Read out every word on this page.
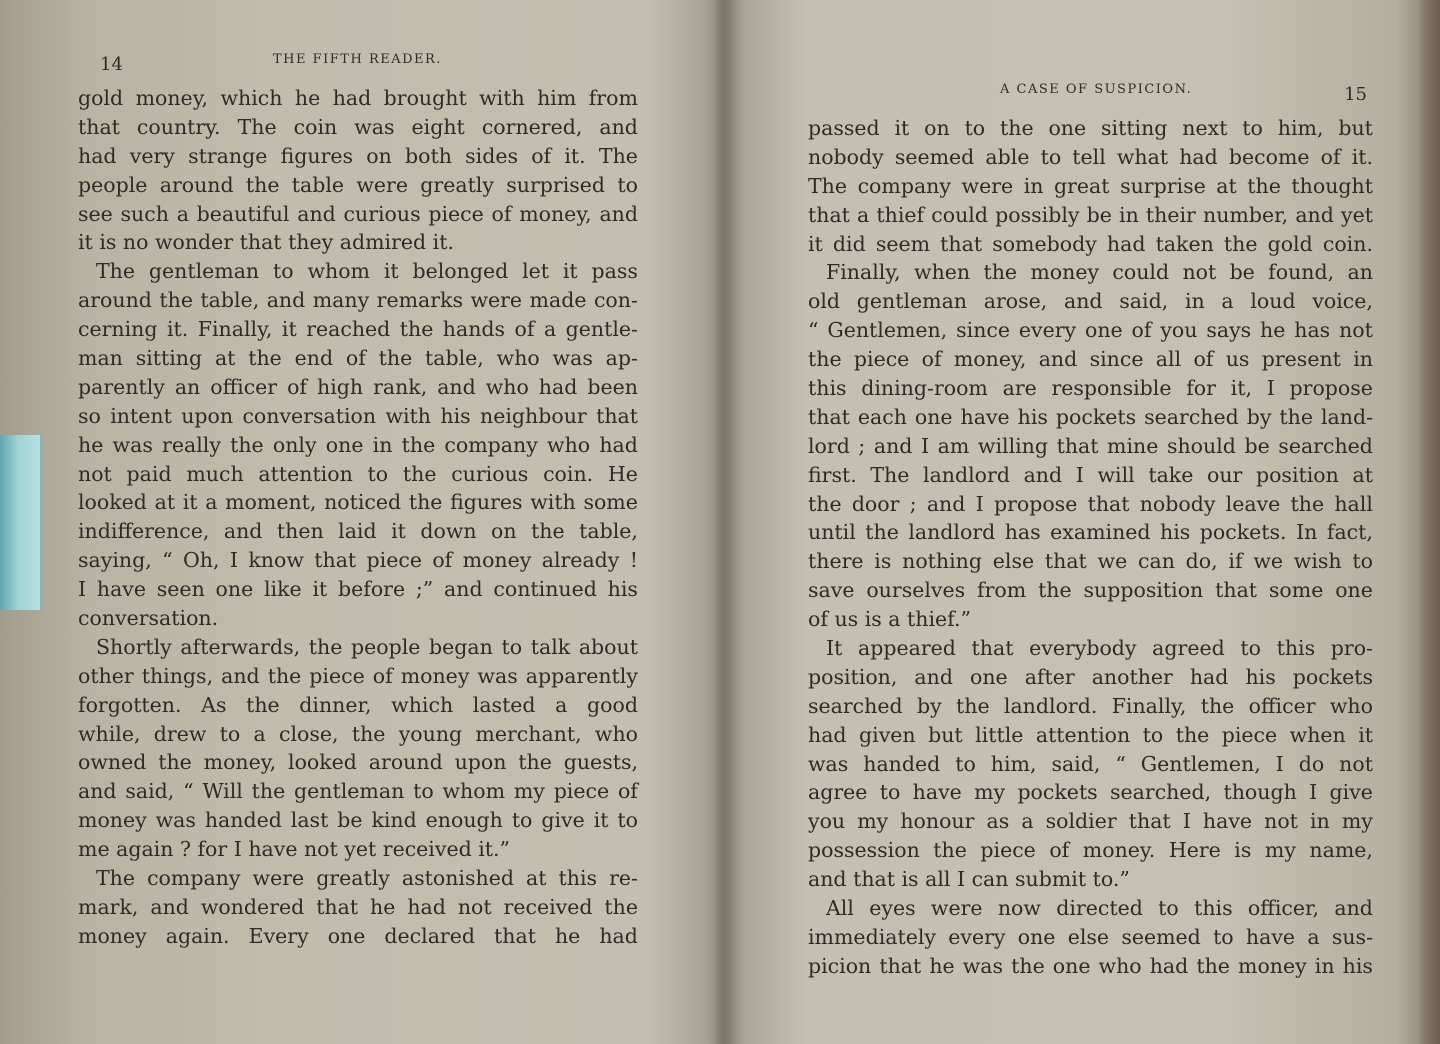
14	THE FIFTH READER.
gold money, which he had brought with him from
that country. The coin was eight cornered, and
had very strange figures on both sides of it. The
people around the table were greatly surprised to
see such a beautiful and curious piece of money, and
it is no wonder that they admired it.
The gentleman to whom it belonged let it pass
around the table, and many remarks were made con-
cerning it. Finally, it reached the hands of a gentle-
man sitting at the end of the table, who was ap-
parently an officer of high rank, and who had been
so intent upon conversation with his neighbour that
he was really the only one in the company who had
not paid much attention to the curious coin. He
looked at it a moment, noticed the figures with some
indifference, and then laid it down on the table,
saying, “ Oh, I know that piece of money already !
I have seen one like it before ;” and continued his
conversation.
Shortly afterwards, the people began to talk about
other things, and the piece of money was apparently
forgotten. As the dinner, which lasted a good
while, drew to a close, the young merchant, who
owned the money, looked around upon the guests,
and said, “ Will the gentleman to whom my piece of
money was handed last be kind enough to give it to
me again ? for I have not yet received it.”
The company were greatly astonished at this re-
mark, and wondered that he had not received the
money again. Every one declared that he had
A CASE OF SUSPICION.	15
passed it on to the one sitting next to him, but
nobody seemed able to tell what had become of it.
The company were in great surprise at the thought
that a thief could possibly be in their number, and yet
it did seem that somebody had taken the gold coin.
Finally, when the money could not be found, an
old gentleman arose, and said, in a loud voice,
“ Gentlemen, since every one of you says he has not
the piece of money, and since all of us present in
this dining-room are responsible for it, I propose
that each one have his pockets searched by the land-
lord ; and I am willing that mine should be searched
first. The landlord and I will take our position at
the door ; and I propose that nobody leave the hall
until the landlord has examined his pockets. In fact,
there is nothing else that we can do, if we wish to
save ourselves from the supposition that some one
of us is a thief.”
It appeared that everybody agreed to this pro-
position, and one after another had his pockets
searched by the landlord. Finally, the officer who
had given but little attention to the piece when it
was handed to him, said, “ Gentlemen, I do not
agree to have my pockets searched, though I give
you my honour as a soldier that I have not in my
possession the piece of money. Here is my name,
and that is all I can submit to.”
All eyes were now directed to this officer, and
immediately every one else seemed to have a sus-
picion that he was the one who had the money in his
